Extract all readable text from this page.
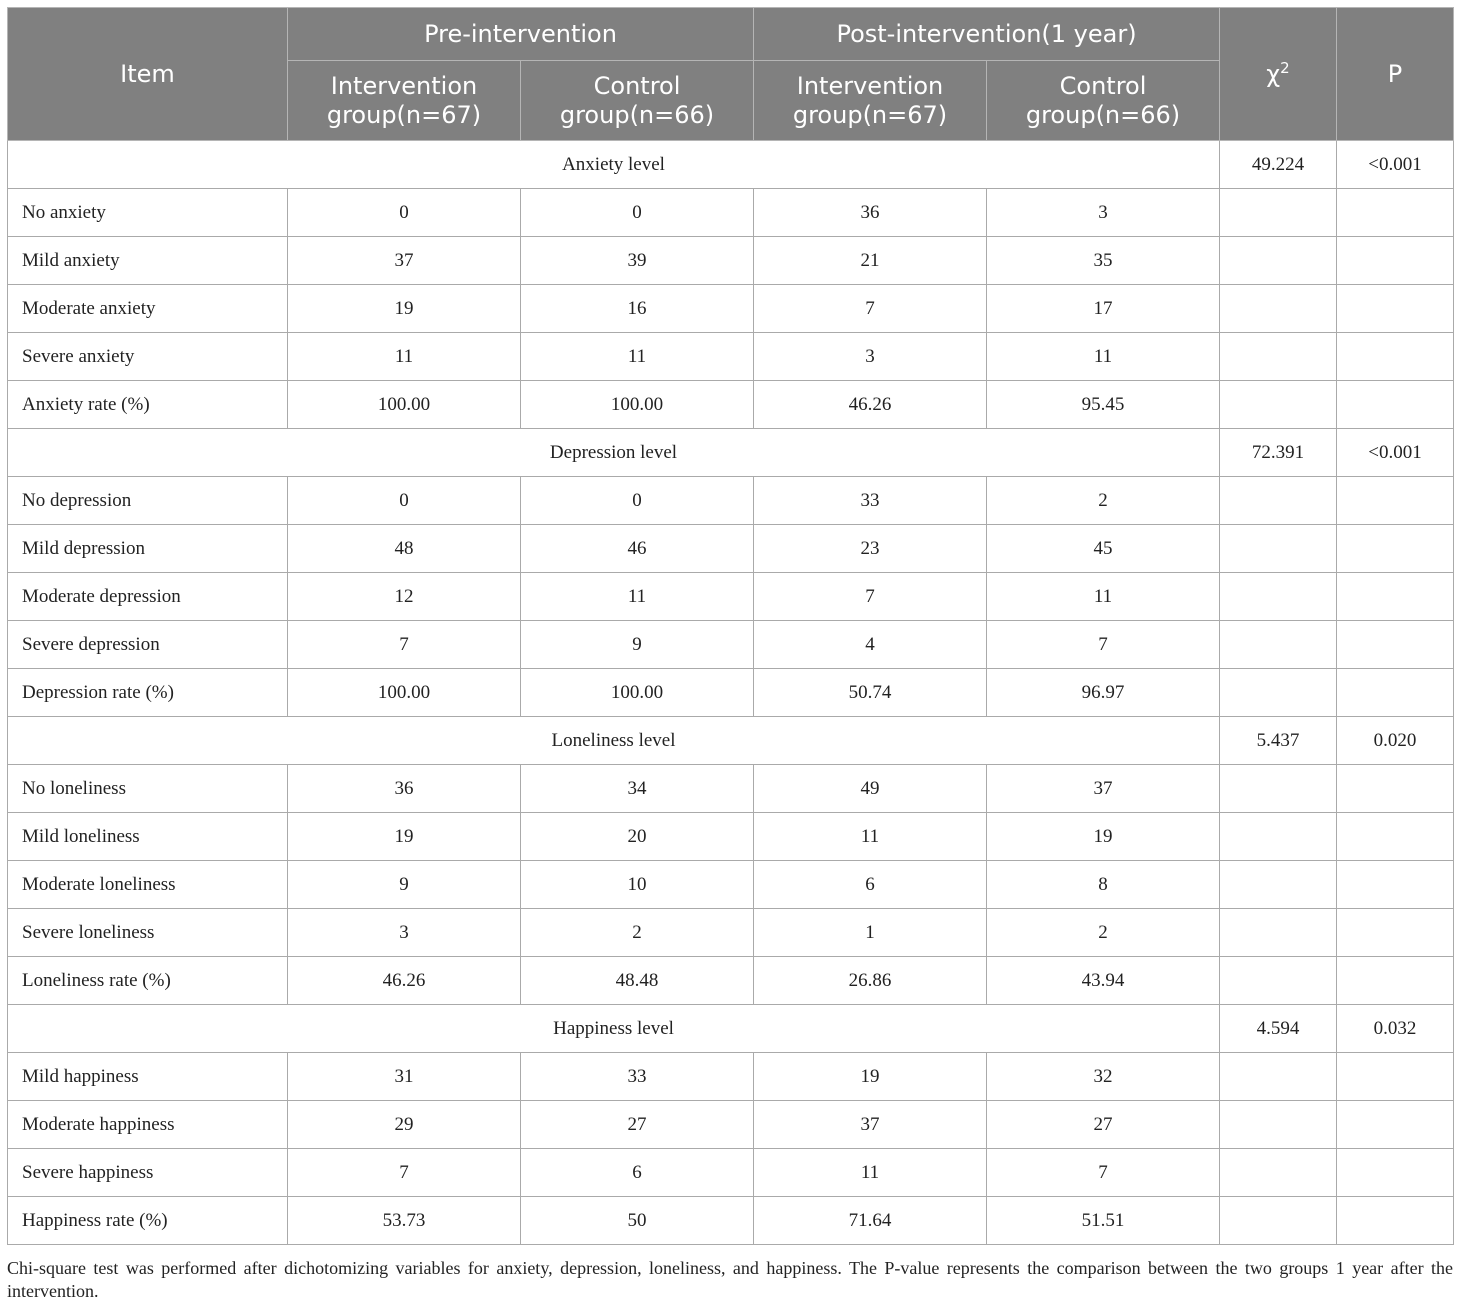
Item	Pre-intervention		Post-intervention(1 year)		$\chi^2$	P
	Intervention group(n=67)	Control group(n=66)	Intervention group(n=67)	Control group(n=66)		
Anxiety level					49.224	<0.001
No anxiety	0	0	36	3		
Mild anxiety	37	39	21	35		
Moderate anxiety	19	16	7	17		
Severe anxiety	11	11	3	11		
Anxiety rate (%)	100.00	100.00	46.26	95.45		
Depression level					72.391	<0.001
No depression	0	0	33	2		
Mild depression	48	46	23	45		
Moderate depression	12	11	7	11		
Severe depression	7	9	4	7		
Depression rate (%)	100.00	100.00	50.74	96.97		
Loneliness level					5.437	0.020
No loneliness	36	34	49	37		
Mild loneliness	19	20	11	19		
Moderate loneliness	9	10	6	8		
Severe loneliness	3	2	1	2		
Loneliness rate (%)	46.26	48.48	26.86	43.94		
Happiness level					4.594	0.032
Mild happiness	31	33	19	32		
Moderate happiness	29	27	37	27		
Severe happiness	7	6	11	7		
Happiness rate (%)	53.73	50	71.64	51.51		
Chi-square test was performed after dichotomizing variables for anxiety, depression, loneliness, and happiness. The P-value represents the comparison between the two groups 1 year after the intervention.
